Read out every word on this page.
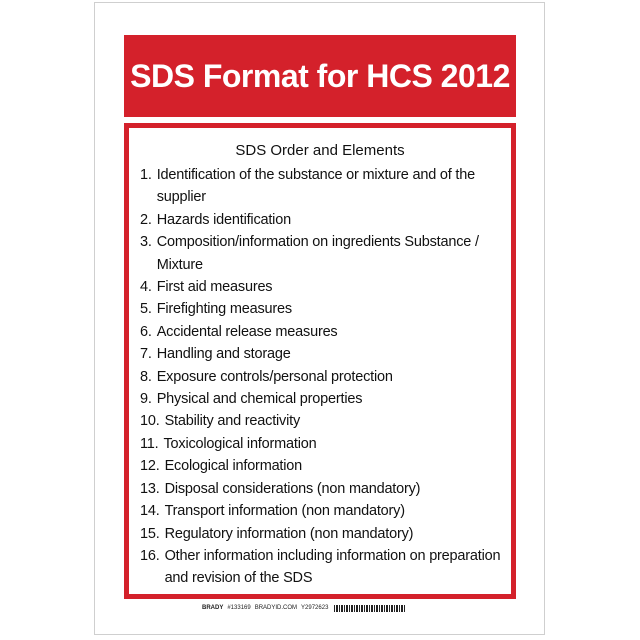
SDS Format for HCS 2012
SDS Order and Elements
1. Identification of the substance or mixture and of the supplier
2. Hazards identification
3. Composition/information on ingredients Substance / Mixture
4. First aid measures
5. Firefighting measures
6. Accidental release measures
7. Handling and storage
8. Exposure controls/personal protection
9. Physical and chemical properties
10. Stability and reactivity
11. Toxicological information
12. Ecological information
13. Disposal considerations (non mandatory)
14. Transport information (non mandatory)
15. Regulatory information (non mandatory)
16. Other information including information on preparation and revision of the SDS
BRADY #133169 BRADYID.COM Y2972623
